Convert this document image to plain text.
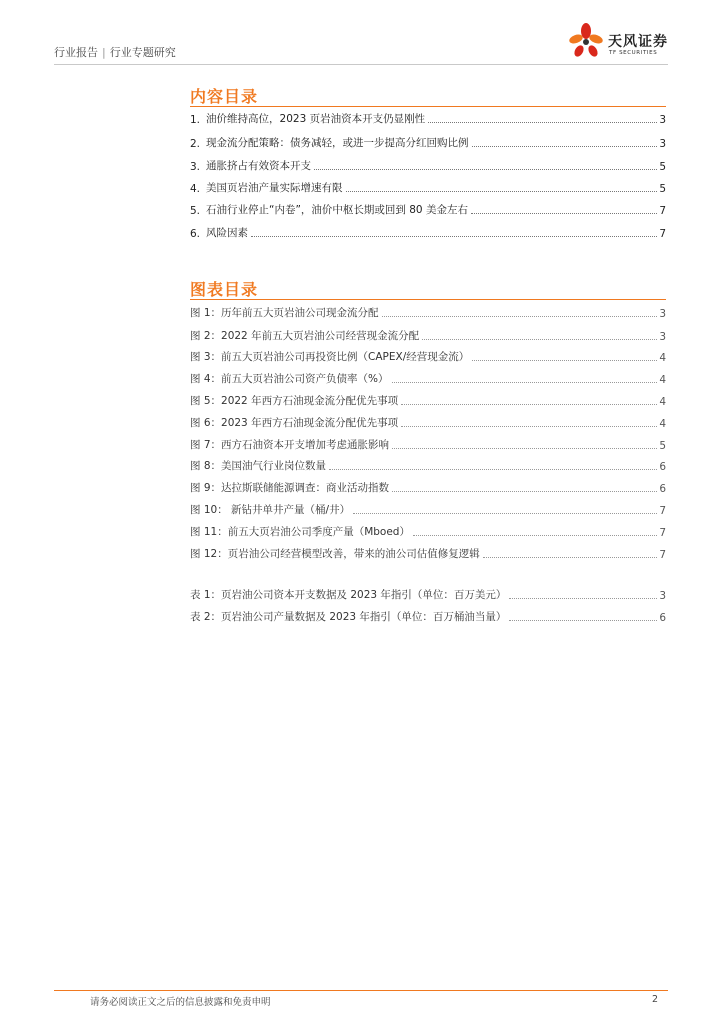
行业报告 | 行业专题研究
天风证券
TF SECURITIES
内容目录
1. 油价维持高位，2023 页岩油资本开支仍显刚性	3
2. 现金流分配策略：债务减轻，或进一步提高分红回购比例	3
3. 通胀挤占有效资本开支	5
4. 美国页岩油产量实际增速有限	5
5. 石油行业停止“内卷”，油价中枢长期或回到 80 美金左右	7
6. 风险因素	7
图表目录
图 1：历年前五大页岩油公司现金流分配	3
图 2：2022 年前五大页岩油公司经营现金流分配	3
图 3：前五大页岩油公司再投资比例（CAPEX/经营现金流）	4
图 4：前五大页岩油公司资产负债率（%）	4
图 5：2022 年西方石油现金流分配优先事项	4
图 6：2023 年西方石油现金流分配优先事项	4
图 7：西方石油资本开支增加考虑通胀影响	5
图 8：美国油气行业岗位数量	6
图 9：达拉斯联储能源调查：商业活动指数	6
图 10： 新钻井单井产量（桶/井）	7
图 11：前五大页岩油公司季度产量（Mboed）	7
图 12：页岩油公司经营模型改善，带来的油公司估值修复逻辑	7
表 1：页岩油公司资本开支数据及 2023 年指引（单位：百万美元）	3
表 2：页岩油公司产量数据及 2023 年指引（单位：百万桶油当量）	6
请务必阅读正文之后的信息披露和免责申明	2
